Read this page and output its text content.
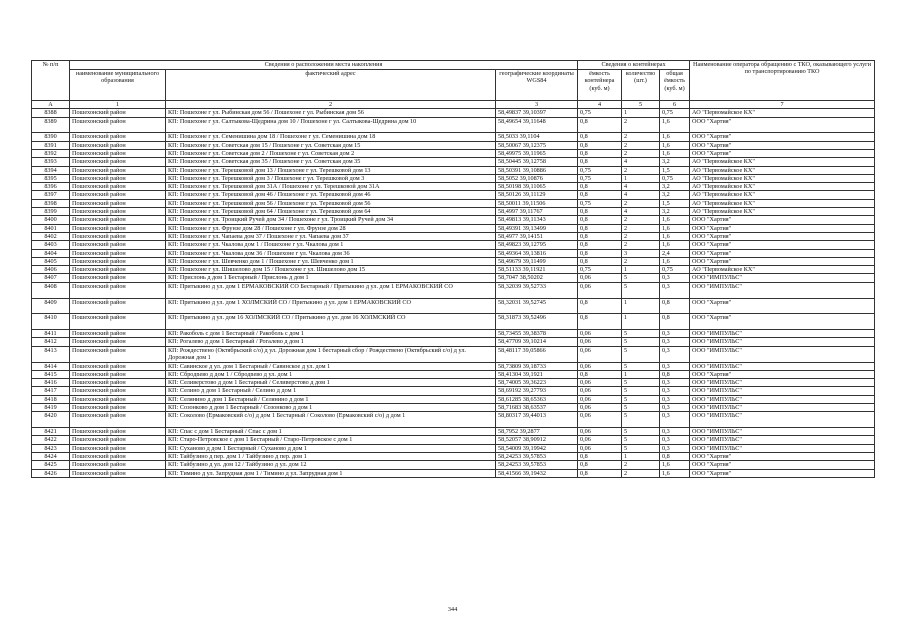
№ п/п	Сведения о расположении места накопления			Сведения о контейнерах			Наименование оператора обращению с ТКО, оказывающего услуги по транспортированию ТКО
	наименование муниципального образования	фактический адрес	географические координаты WGS84	ёмкость контейнера (куб. м)	количество (шт.)	общая ёмкость (куб. м)	
А	1	2	3	4	5	6	7
8388	Пошехонский район	КП: Пошехоне г ул. Рыбинская дом 56 / Пошехоне г ул. Рыбинская дом 56	58,49837 39,10397	0,75	1	0,75	АО "Первомайское КХ"
8389	Пошехонский район	КП: Пошехоне г ул. Салтыкова-Щедрина дом 10 / Пошехоне г ул. Салтыкова-Щедрина дом 10	58,49654 39,11648	0,8	2	1,6	ООО "Хартия"
8390	Пошехонский район	КП: Пошехоне г ул. Семенишина дом 18 / Пошехоне г ул. Семенишина дом 18	58,5033 39,1104	0,8	2	1,6	ООО "Хартия"
8391	Пошехонский район	КП: Пошехоне г ул. Советская дом 15 / Пошехоне г ул. Советская дом 15	58,50067 39,12375	0,8	2	1,6	ООО "Хартия"
8392	Пошехонский район	КП: Пошехоне г ул. Советская дом 2 / Пошехоне г ул. Советская дом 2	58,49975 39,11965	0,8	2	1,6	ООО "Хартия"
8393	Пошехонский район	КП: Пошехоне г ул. Советская дом 35 / Пошехоне г ул. Советская дом 35	58,50445 39,12758	0,8	4	3,2	АО "Первомайское КХ"
8394	Пошехонский район	КП: Пошехоне г ул. Терешковой дом 13 / Пошехоне г ул. Терешковой дом 13	58,50391 39,10886	0,75	2	1,5	АО "Первомайское КХ"
8395	Пошехонский район	КП: Пошехоне г ул. Терешковой дом 3 / Пошехоне г ул. Терешковой дом 3	58,5052 39,10876	0,75	1	0,75	АО "Первомайское КХ"
8396	Пошехонский район	КП: Пошехоне г ул. Терешковой дом 31А / Пошехоне г ул. Терешковой дом 31А	58,50198 39,11065	0,8	4	3,2	АО "Первомайское КХ"
8397	Пошехонский район	КП: Пошехоне г ул. Терешковой дом 46 / Пошехоне г ул. Терешковой дом 46	58,50126 39,11129	0,8	4	3,2	АО "Первомайское КХ"
8398	Пошехонский район	КП: Пошехоне г ул. Терешковой дом 56 / Пошехоне г ул. Терешковой дом 56	58,50011 39,11506	0,75	2	1,5	АО "Первомайское КХ"
8399	Пошехонский район	КП: Пошехоне г ул. Терешковой дом 64 / Пошехоне г ул. Терешковой дом 64	58,4997 39,11767	0,8	4	3,2	АО "Первомайское КХ"
8400	Пошехонский район	КП: Пошехоне г ул. Троицкий Ручей дом 34 / Пошехоне г ул. Троицкий Ручей дом 34	58,49813 39,11343	0,8	2	1,6	ООО "Хартия"
8401	Пошехонский район	КП: Пошехоне г ул. Фрунзе дом 28 / Пошехоне г ул. Фрунзе дом 28	58,49391 39,13499	0,8	2	1,6	ООО "Хартия"
8402	Пошехонский район	КП: Пошехоне г ул. Чапаева дом 37 / Пошехоне г ул. Чапаева дом 37	58,4977 39,14151	0,8	2	1,6	ООО "Хартия"
8403	Пошехонский район	КП: Пошехоне г ул. Чкалова дом 1 / Пошехоне г ул. Чкалова дом 1	58,49823 39,12795	0,8	2	1,6	ООО "Хартия"
8404	Пошехонский район	КП: Пошехоне г ул. Чкалова дом 36 / Пошехоне г ул. Чкалова дом 36	58,49364 39,13816	0,8	3	2,4	ООО "Хартия"
8405	Пошехонский район	КП: Пошехоне г ул. Шевченко дом 1 / Пошехоне г ул. Шевченко дом 1	58,49679 39,11499	0,8	2	1,6	ООО "Хартия"
8406	Пошехонский район	КП: Пошехоне г ул. Шишелово дом 15 / Пошехоне г ул. Шишелово дом 15	58,51133 39,11921	0,75	1	0,75	АО "Первомайское КХ"
8407	Пошехонский район	КП: Прислонь д дом 1 Бестарный / Прислонь д дом 1	58,7047 38,50202	0,06	5	0,3	ООО "ИМПУЛЬС"
8408	Пошехонский район	КП: Притыкино д ул. дом 1 ЕРМАКОВСКИЙ СО Бестарный / Притыкино д ул. дом 1 ЕРМАКОВСКИЙ СО	58,32039 39,52733	0,06	5	0,3	ООО "ИМПУЛЬС"
8409	Пошехонский район	КП: Притыкино д ул. дом 1 ХОЛМСКИЙ СО / Притыкино д ул. дом 1 ЕРМАКОВСКИЙ СО	58,32031 39,52745	0,8	1	0,8	ООО "Хартия"
8410	Пошехонский район	КП: Притыкино д ул. дом 16 ХОЛМСКИЙ СО / Притыкино д ул. дом 16 ХОЛМСКИЙ СО	58,31873 39,52496	0,8	1	0,8	ООО "Хартия"
8411	Пошехонский район	КП: Ракоболь с дом 1 Бестарный / Ракоболь с дом 1	58,73455 39,38378	0,06	5	0,3	ООО "ИМПУЛЬС"
8412	Пошехонский район	КП: Рогалево д дом 1 Бестарный / Рогалево д дом 1	58,47709 39,10214	0,06	5	0,3	ООО "ИМПУЛЬС"
8413	Пошехонский район	КП: Рождествено (Октябрьский с/о) д ул. Дорожная дом 1 бестарный сбор / Рождествено (Октябрьский с/о) д ул. Дорожная дом 1	58,48117 39,05866	0,06	5	0,3	ООО "ИМПУЛЬС"
8414	Пошехонский район	КП: Савинское д ул. дом 1 Бестарный / Савинское д ул. дом 1	58,73809 39,18733	0,06	5	0,3	ООО "ИМПУЛЬС"
8415	Пошехонский район	КП: Сбродnево д дом 1 / Сбродnево д ул. дом 1	58,41304 39,1921	0,8	1	0,8	ООО "Хартия"
8416	Пошехонский район	КП: Селиверстово д дом 1 Бестарный / Селиверстово д дом 1	58,74005 39,36223	0,06	5	0,3	ООО "ИМПУЛЬС"
8417	Пошехонский район	КП: Селино д дом 1 Бестарный / Селино д дом 1	58,69192 39,27793	0,06	5	0,3	ООО "ИМПУЛЬС"
8418	Пошехонский район	КП: Селянино д дом 1 Бестарный / Селянино д дом 1	58,61285 38,65363	0,06	5	0,3	ООО "ИМПУЛЬС"
8419	Пошехонский район	КП: Созонково д дом 1 Бестарный / Созонково д дом 1	58,71683 38,63537	0,06	5	0,3	ООО "ИМПУЛЬС"
8420	Пошехонский район	КП: Соколово (Ермаковский с/о) д дом 1 Бестарный / Соколово (Ермаковский с/о) д дом 1	58,80317 39,44013	0,06	5	0,3	ООО "ИМПУЛЬС"
8421	Пошехонский район	КП: Спас с дом 1 Бестарный / Спас с дом 1	58,7952 39,2877	0,06	5	0,3	ООО "ИМПУЛЬС"
8422	Пошехонский район	КП: Старо-Петровское с дом 1 Бестарный / Старо-Петровское с дом 1	58,52057 38,90912	0,06	5	0,3	ООО "ИМПУЛЬС"
8423	Пошехонский район	КП: Суханово д дом 1 Бестарный / Суханово д дом 1	58,54009 39,19942	0,06	5	0,3	ООО "ИМПУЛЬС"
8424	Пошехонский район	КП: Тайбузино д пер. дом 1 / Тайбузино д пер. дом 1	58,24253 39,57853	0,8	1	0,8	ООО "Хартия"
8425	Пошехонский район	КП: Тайбузино д ул. дом 12 / Тайбузино д ул. дом 12	58,24253 39,57853	0,8	2	1,6	ООО "Хартия"
8426	Пошехонский район	КП: Тимино д ул. Запрудная дом 1 / Тимино д ул. Запрудная дом 1	58,41566 39,19432	0,8	2	1,6	ООО "Хартия"
344
